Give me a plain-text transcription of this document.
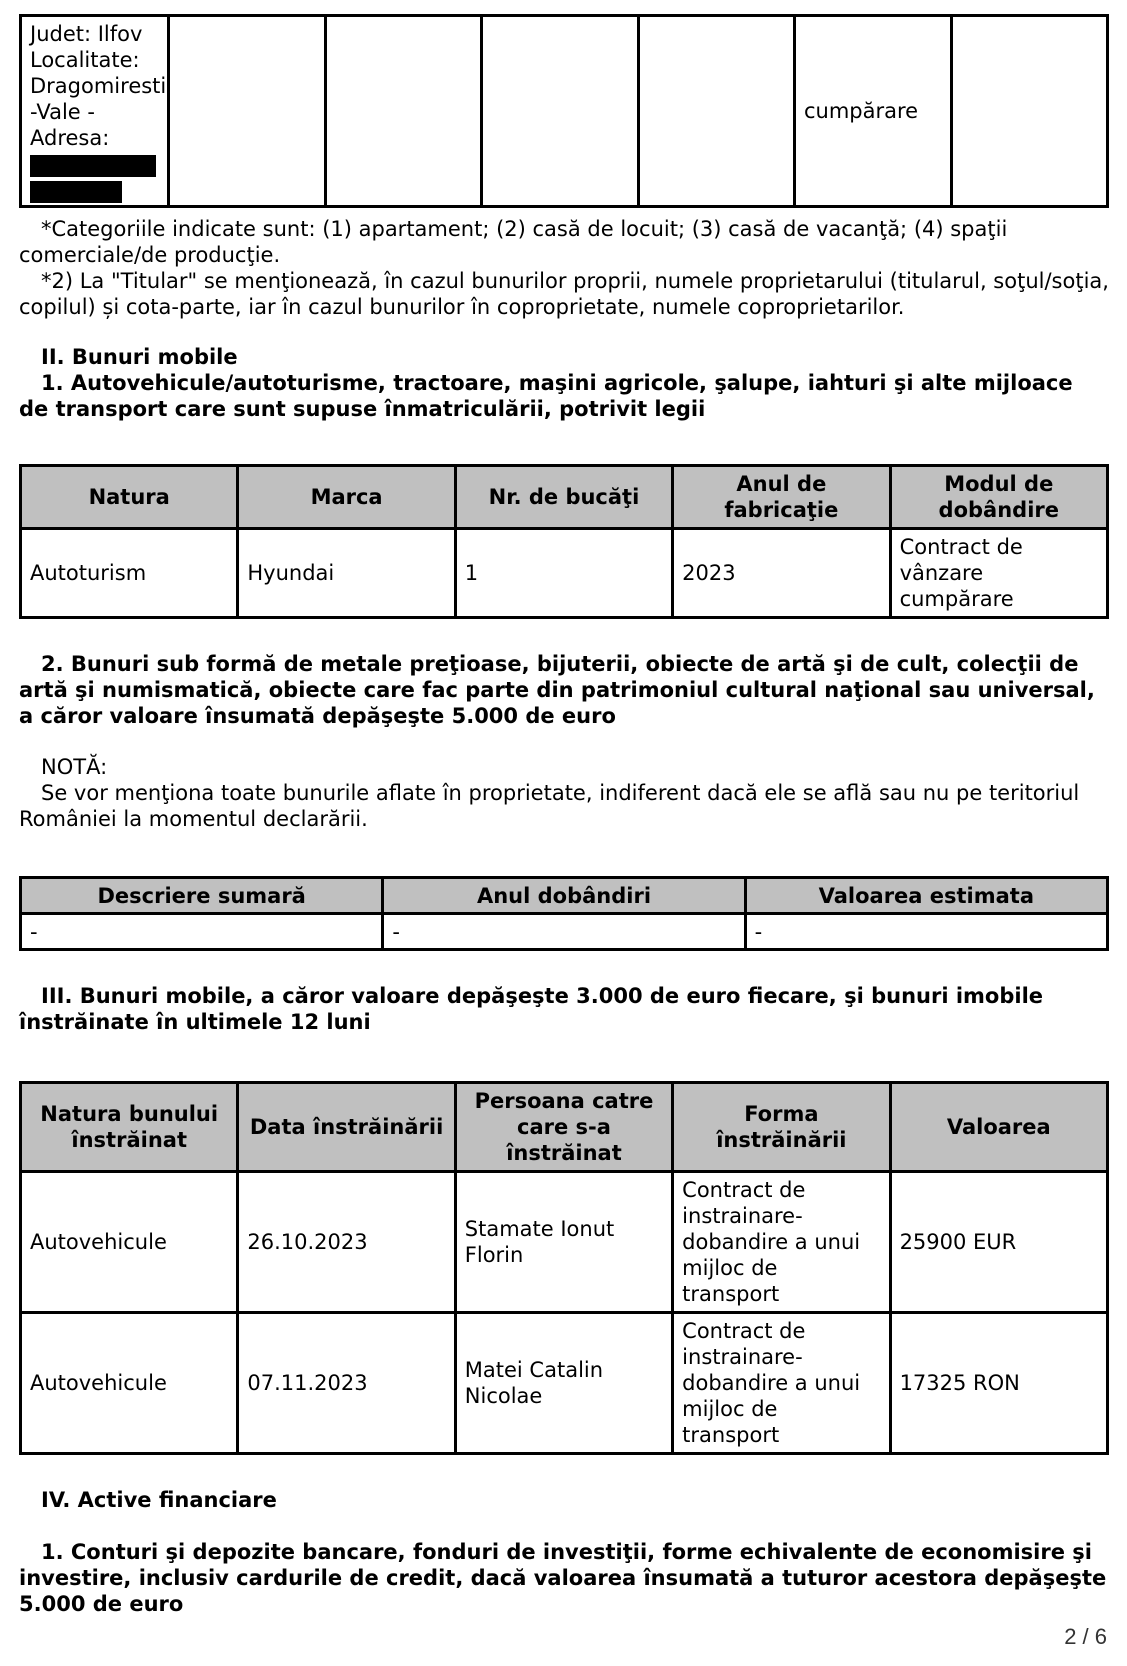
Judet: Ilfov
Localitate:
Dragomiresti
-Vale -
Adresa:
					cumpărare	

*Categoriile indicate sunt: (1) apartament; (2) casă de locuit; (3) casă de vacanţă; (4) spaţii comerciale/de producţie.

*2) La "Titular" se menţionează, în cazul bunurilor proprii, numele proprietarului (titularul, soţul/soţia, copilul) și cota-parte, iar în cazul bunurilor în coproprietate, numele coproprietarilor.

II. Bunuri mobile

1. Autovehicule/autoturisme, tractoare, maşini agricole, şalupe, iahturi şi alte mijloace de transport care sunt supuse înmatriculării, potrivit legii

Natura	Marca	Nr. de bucăţi	Anul de fabricaţie	Modul de dobândire
Autoturism	Hyundai	1	2023	Contract de vânzare cumpărare

2. Bunuri sub formă de metale preţioase, bijuterii, obiecte de artă şi de cult, colecţii de artă şi numismatică, obiecte care fac parte din patrimoniul cultural naţional sau universal, a căror valoare însumată depăşeşte 5.000 de euro

NOTĂ:

Se vor menţiona toate bunurile aflate în proprietate, indiferent dacă ele se află sau nu pe teritoriul României la momentul declarării.

Descriere sumară	Anul dobândiri	Valoarea estimata
-	-	-

III. Bunuri mobile, a căror valoare depăşeşte 3.000 de euro fiecare, şi bunuri imobile înstrăinate în ultimele 12 luni

Natura bunului înstrăinat	Data înstrăinării	Persoana catre care s-a înstrăinat	Forma înstrăinării	Valoarea
Autovehicule	26.10.2023	Stamate Ionut Florin	Contract de instrainare-dobandire a unui mijloc de transport	25900 EUR
Autovehicule	07.11.2023	Matei Catalin Nicolae	Contract de instrainare-dobandire a unui mijloc de transport	17325 RON

IV. Active financiare

1. Conturi şi depozite bancare, fonduri de investiţii, forme echivalente de economisire şi investire, inclusiv cardurile de credit, dacă valoarea însumată a tuturor acestora depăşeşte 5.000 de euro

2 / 6
